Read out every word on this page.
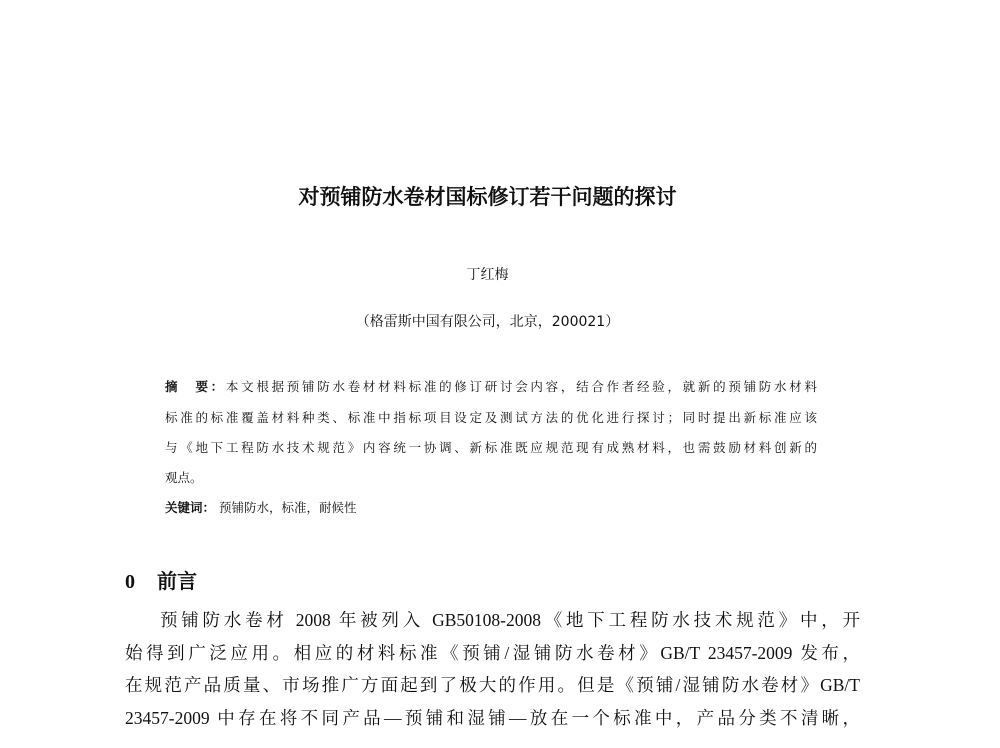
对预铺防水卷材国标修订若干问题的探讨
丁红梅
（格雷斯中国有限公司，北京，200021）
摘　要：本文根据预铺防水卷材材料标准的修订研讨会内容，结合作者经验，就新的预铺防水材料
标准的标准覆盖材料种类、标准中指标项目设定及测试方法的优化进行探讨；同时提出新标准应该
与《地下工程防水技术规范》内容统一协调、新标准既应规范现有成熟材料，也需鼓励材料创新的
观点。
关键词： 预铺防水，标准，耐候性
0 前言
预铺防水卷材 2008 年被列入 GB50108-2008《地下工程防水技术规范》中，开
始得到广泛应用。相应的材料标准《预铺/湿铺防水卷材》GB/T 23457-2009 发布，
在规范产品质量、市场推广方面起到了极大的作用。但是《预铺/湿铺防水卷材》GB/T
23457-2009 中存在将不同产品—预铺和湿铺—放在一个标准中，产品分类不清晰，
